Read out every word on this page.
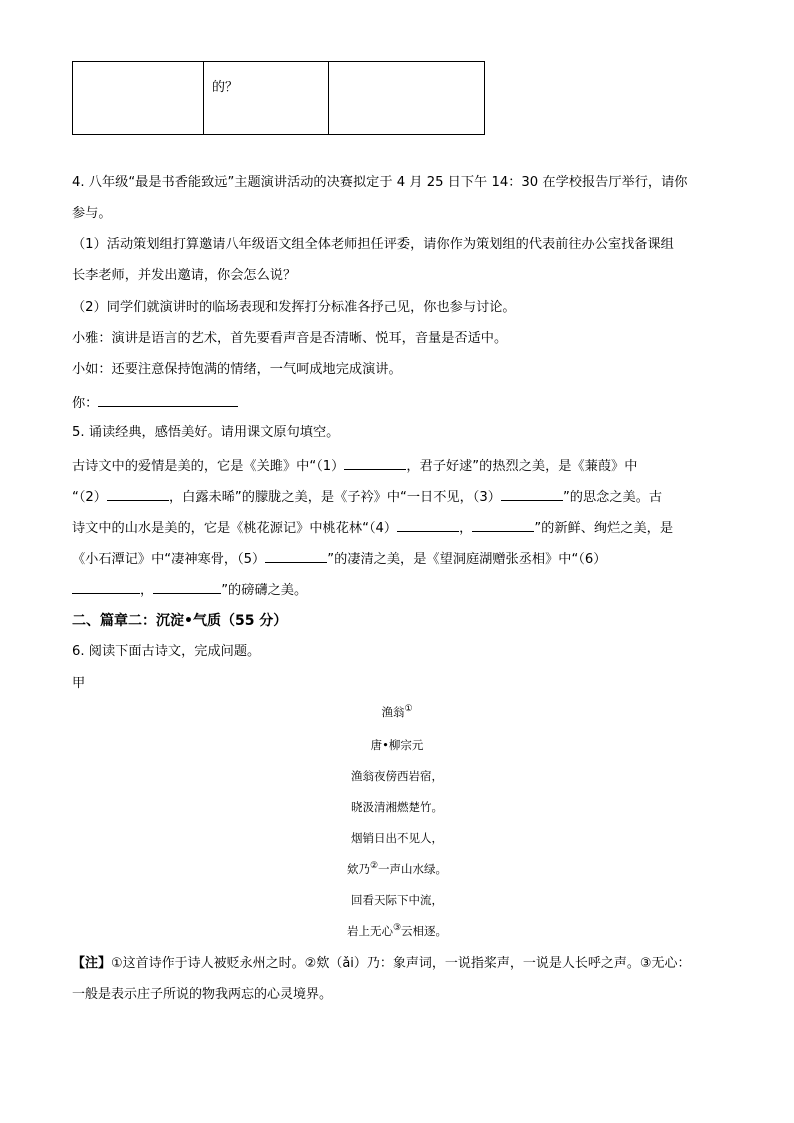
的？

4. 八年级“最是书香能致远”主题演讲活动的决赛拟定于 4 月 25 日下午 14：30 在学校报告厅举行，请你
参与。
（1）活动策划组打算邀请八年级语文组全体老师担任评委，请你作为策划组的代表前往办公室找备课组
长李老师，并发出邀请，你会怎么说？
（2）同学们就演讲时的临场表现和发挥打分标准各抒己见，你也参与讨论。
小雅：演讲是语言的艺术，首先要看声音是否清晰、悦耳，音量是否适中。
小如：还要注意保持饱满的情绪，一气呵成地完成演讲。
你：
5. 诵读经典，感悟美好。请用课文原句填空。
古诗文中的爱情是美的，它是《关雎》中“（1）	，君子好逑”的热烈之美，是《蒹葭》中
“（2）	，白露未晞”的朦胧之美，是《子衿》中“一日不见，（3）	”的思念之美。古
诗文中的山水是美的，它是《桃花源记》中桃花林“（4）	，	”的新鲜、绚烂之美，是
《小石潭记》中“凄神寒骨，（5）	”的凄清之美，是《望洞庭湖赠张丞相》中“（6）
，	”的磅礴之美。
二、篇章二：沉淀•气质（55 分）
6. 阅读下面古诗文，完成问题。
甲
渔翁①
唐•柳宗元
渔翁夜傍西岩宿，
晓汲清湘燃楚竹。
烟销日出不见人，
欸乃②一声山水绿。
回看天际下中流，
岩上无心③云相逐。
【注】①这首诗作于诗人被贬永州之时。②欸（ǎi）乃：象声词，一说指桨声，一说是人长呼之声。③无心：
一般是表示庄子所说的物我两忘的心灵境界。
